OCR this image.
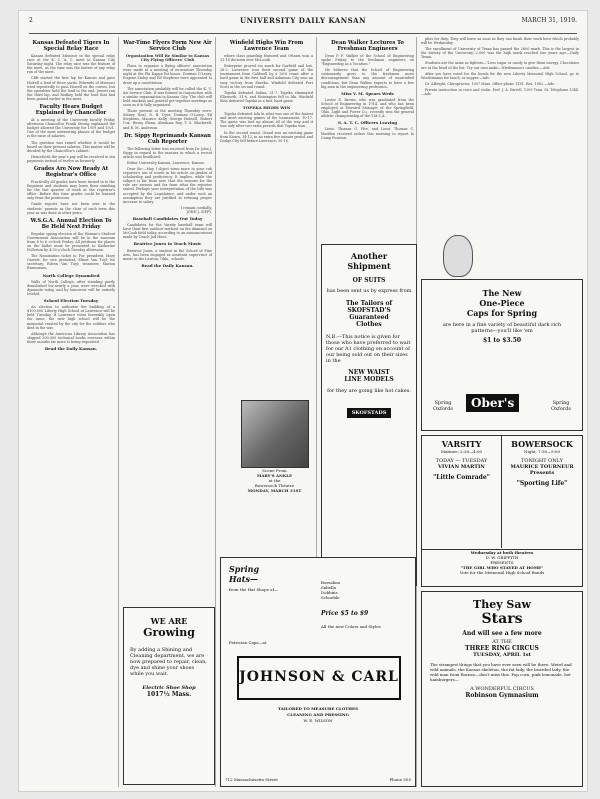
2	UNIVERSITY DAILY KANSAN	MARCH 31, 1919.
Kansas Defeated Tigers In Special Relay Race

Kansas defeated Missouri in the special relay race at the K. C. A. C. meet in Kansas City Saturday night. The relay race was the feature of the meet, as the time was the fastest of any relay run of the meet.

Clift started the first lap for Kansas and gave Howell a lead of three yards. Edwards of Missouri tried repeatedly to pass Howell on the curves, but the speedster held the lead to the end. Jewett ran the third lap, and Rodkey held the lead that had been gained earlier in the meet.

Faculty Hears Budget Explained by Chancellor

At a meeting of the University faculty Friday afternoon Chancellor Frank Strong explained the budget allowed the University for 1919 and 1921. One of the most interesting phases of the budget is the raise of salaries.

The question was raised whether it would be based on their present salaries. This matter will be decided by the Chancellor's cabinet.

Henceforth the year's pay will be received in ten payments instead of twelve as formerly.

Grades Are Now Ready At Registrar's Office

Practically all grades have been turned in to the Registrar and students may leave their standing for the last quarter of work at the registrar's office. Before this time grades could be learned only from the professors.

Grade reports have not been sent to the students' parents as the close of each term this year as was done in other years.

W.S.G.A. Annual Election To Be Held Next Friday

Regular spring election of the Woman's Student Government Association will be in the museum from 8 to 6 o'clock Friday. All petitions for places on the ballot must be presented to Katherine Fullerton by 4:30 o'clock Tuesday afternoon.

The Nomination ticket is: For president, Mary Garrett, for vice president, Elinor Van Tuyl; for secretary, Eileen Van Tuyl; treasurer, Marion Rasmussen.

North College Dynamited

Walls of North College, after standing partly demolished for nearly a year, were wrecked with dynamite today, and by tomorrow will be entirely leveled.

School Election Tuesday

An election to authorize the building of a $100,000 Liberty High School at Lawrence will be held Tuesday. If Lawrence votes favorably upon the issue, the new high school will be the memorial created by the city for the soldiers who died in the war.

Although the American Library Association has shipped 300,000 technical books overseas within three months far more is being requested.

Read the Daily Kansan.
War-Time Flyers Form New Air Service Club
Organization Will Be Similar to Kansas City Flying Officers' Club

Plans to organize a flying officers' association were made at a meeting of ex-aviators Thursday night at the Phi Kappa Psi house. Dorman O'Leary, Eugene Staley and Ed Stephens were appointed to draw up a constitution.

The association probably will be called the K. U. Air Service Club. It was formed in conjunction with a similar organization in Kansas City. The club will hold smokers and general get-together meetings as soon as it is fully organized.

Those present at the meeting Thursday were: Sidney Neal, D. B. Dyer, Dorman O'Leary, Ed Stephens, Maurice Kelly, George Holwell, Robert Cox, Henry Shinn, Abraham Ray, T. S. Blackwell, and R. M. Anderson.

Dr. Sippy Reprimands Kansan Cub Reporter

The following letter was received from Dr. John J. Sippy in regard to the manner in which a recent article was headlined:

Editor University Kansan, Lawrence, Kansas.

Dear Sir:—May I object some more to your cub reporter's use of words in his article on grades of scholarship and proficiency. It implies, while the subject is far from new, that the reasons for the rule are serious and far from what the reporter stated. Perhaps your interpretation of the title was accepted by the Legislature, and under such an assumption they are justified in refusing proper increase in salary.

I remain cordially,
JOHN J. SIPPY.

Baseball Candidates Out Today

Candidates for the Varsity baseball team will have their first outdoor workout on the diamond on McCook field today, according to an announcement made by Coach Jud Hunt.

Beatrice Jones to Teach Music

Beatrice Jones, a student in the School of Fine Arts, has been engaged as assistant supervisor of music in the Lawton, Okla., schools.

Read the Daily Kansan.
Winfield Highs Win From Lawrence Team

where class guarding featured and Ottawa won a 31-18 decision over McLouth.

Enterprise proved too much for Garfield and lost, 26-2. Lawrence won their second game of the tournament from Caldwell by a 28-8 count after a hard game in the first half and Arkansas City won an easy victory from Eureka. Winfield defeated Fort Scott in the second round.

Topeka defeated Salina, 31-7. Topeka eliminated Ellsworth, 31-6, and Hoisington fell to Ida. Winfield then defeated Topeka in a fast, hard game.

TOPEKA HIGHS WIN

Topeka defeated Iola in what was one of the fastest and most exciting games of the tournament, 10-17. The game was tied up almost all of the way and it was only after two extra periods that Topeka won.

In the second round, Grand was an exciting game from Kiowa, 14-12, in an extra five minute period and Dodge City fell before Lawrence, 30-18.

Scene From
MARY'S ANKLE
at the
Bowersock Theatre
MONDAY, MARCH 31ST
Dean Walker Lectures To Freshman Engineers

Dean P. F. Walker of the School of Engineering spoke Friday to the freshman engineers on "Engineering as a Vocation."

He believes that the School of Engineering customarily gives to the freshmen more discouragement than any amount of unsatisfied conditions, but Dean Walker expects to have a few big men in the engineering profession.

Miss V. M. Spears Weds

Lester E. Brown, who was graduated from the School of Engineering in 1914, and who has been employed at Harvard Manager of the Springfield, Ohio, Light and Power Co., recently won the general athletic championship of the Y.M.C.A.

S. A. T. C. Officers Leaving

Lieut. Thomas G. Fite, and Lieut. Thomas C. Madden received orders this morning to report to Camp Funston.

plies for duty. They will leave as soon as they can finish their work here which probably will be Wednesday.

The enrollment of University of Texas has passed the 2600 mark. This is the largest in the history of the University, 2,000 was the high mark reached two years ago.—Daily Texan.

Students are the same as fighters—"Less sugar or candy to give them energy. Chocolates are at the head of the list. Try our own make—Wiedemann's candies.—Adv.

After you have voted for the bonds for the new Liberty Memorial High School, go to Wiedemanns for lunch, or supper.—Adv.

Dr. Albright, Chiropractor, 1007 Mass. Office phone 1181. Res. 1982.—Adv.

Private instruction in voice and violin. Prof. J. A. Farrell, 1209 Tenn. St. Telephone 1344.—Adv.

Another
Shipment
OF SUITS
has been sent us by express from
The Tailors of
SKOFSTAD'S
Guaranteed
Clothes
N.B.—This notice is given for those who have preferred to wait for our A1 clothing on account of our being sold out on their sizes in the
NEW WAIST
LINE MODELS
for they are going like hot cakes.
SKOFSTADS
The New
One-Piece
Caps for Spring
are here in a fine variety of beautiful dark rich patterns—you'll like 'em
$1 to $3.50
Spring Oxfords	Ober's	Spring Oxfords
VARSITY
Matinee, 2:30—4:00
TODAY — TUESDAY
VIVIAN MARTIN
"Little Comrade"
BOWERSOCK
Night, 7:30—9:00
TONIGHT ONLY
MAURICE TOURNEUR Presents
"Sporting Life"
Wednesday at both theatres
D. W. GRIFFITH
PRESENTS
"THE GIRL WHO STAYED AT HOME"
Vote for the Memorial High School Bonds
WE ARE
Growing
By adding a Shining and Cleaning department, we are now prepared to repair, clean, dye and shine your shoes while you wait.
Electric Shoe Shop
1017½ Mass.
Spring
Hats—
from the Hat Shops of—
Borsalino
Sabella
Dobbins
Schoeble
Price $5 to $9
All the new Colors and Styles
Patrician Caps—at
JOHNSON & CARL
TAILORED TO MEASURE CLOTHES
CLEANING AND PRESSING
W. E. WILSON
712 Massachusetts Street	Phone 505
They Saw
Stars
And will see a few more
AT THE
THREE RING CIRCUS
TUESDAY, APRIL 1st
The strangest things that you have ever seen will be there. Weird and wild animals, the Kansas skeleton, the fat lady, the bearded lady, the wild man from Borneo—don't miss this. Pop corn, pink lemonade, hot hamburgers—
A WONDERFUL CIRCUS
Robinson Gymnasium
